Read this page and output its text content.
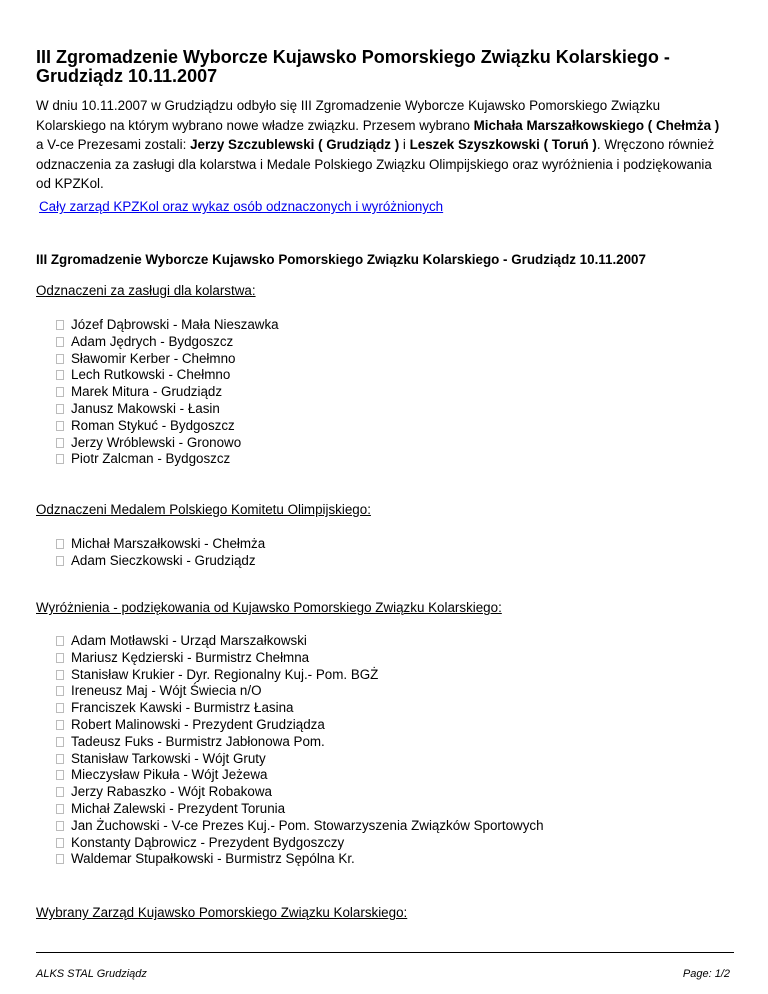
III Zgromadzenie Wyborcze Kujawsko Pomorskiego Związku Kolarskiego - Grudziądz 10.11.2007
W dniu 10.11.2007 w Grudziądzu odbyło się III Zgromadzenie Wyborcze Kujawsko Pomorskiego Związku Kolarskiego na którym wybrano nowe władze związku. Przesem wybrano Michała Marszałkowskiego ( Chełmża ) a V-ce Prezesami zostali: Jerzy Szczublewski ( Grudziądz ) i Leszek Szyszkowski ( Toruń ). Wręczono również odznaczenia za zasługi dla kolarstwa i Medale Polskiego Związku Olimpijskiego oraz wyróżnienia i podziękowania od KPZKol.
Cały zarząd KPZKol oraz wykaz osób odznaczonych i wyróżnionych
III Zgromadzenie Wyborcze Kujawsko Pomorskiego Związku Kolarskiego - Grudziądz 10.11.2007
Odznaczeni za zasługi dla kolarstwa:
Józef Dąbrowski - Mała Nieszawka
Adam Jędrych - Bydgoszcz
Sławomir Kerber - Chełmno
Lech Rutkowski - Chełmno
Marek Mitura - Grudziądz
Janusz Makowski - Łasin
Roman Stykuć - Bydgoszcz
Jerzy Wróblewski - Gronowo
Piotr Zalcman - Bydgoszcz
Odznaczeni Medalem Polskiego Komitetu Olimpijskiego:
Michał Marszałkowski - Chełmża
Adam Sieczkowski - Grudziądz
Wyróżnienia - podziękowania od Kujawsko Pomorskiego Związku Kolarskiego:
Adam Motławski - Urząd Marszałkowski
Mariusz Kędzierski - Burmistrz Chełmna
Stanisław Krukier - Dyr. Regionalny Kuj.- Pom. BGŻ
Ireneusz Maj - Wójt Świecia n/O
Franciszek Kawski - Burmistrz Łasina
Robert Malinowski - Prezydent Grudziądza
Tadeusz Fuks - Burmistrz Jabłonowa Pom.
Stanisław Tarkowski - Wójt Gruty
Mieczysław Pikuła - Wójt Jeżewa
Jerzy Rabaszko - Wójt Robakowa
Michał Zalewski - Prezydent Torunia
Jan Żuchowski - V-ce Prezes Kuj.- Pom. Stowarzyszenia Związków Sportowych
Konstanty Dąbrowicz - Prezydent Bydgoszczy
Waldemar Stupałkowski - Burmistrz Sępólna Kr.
Wybrany Zarząd Kujawsko Pomorskiego Związku Kolarskiego:
ALKS STAL Grudziądz	Page: 1/2
